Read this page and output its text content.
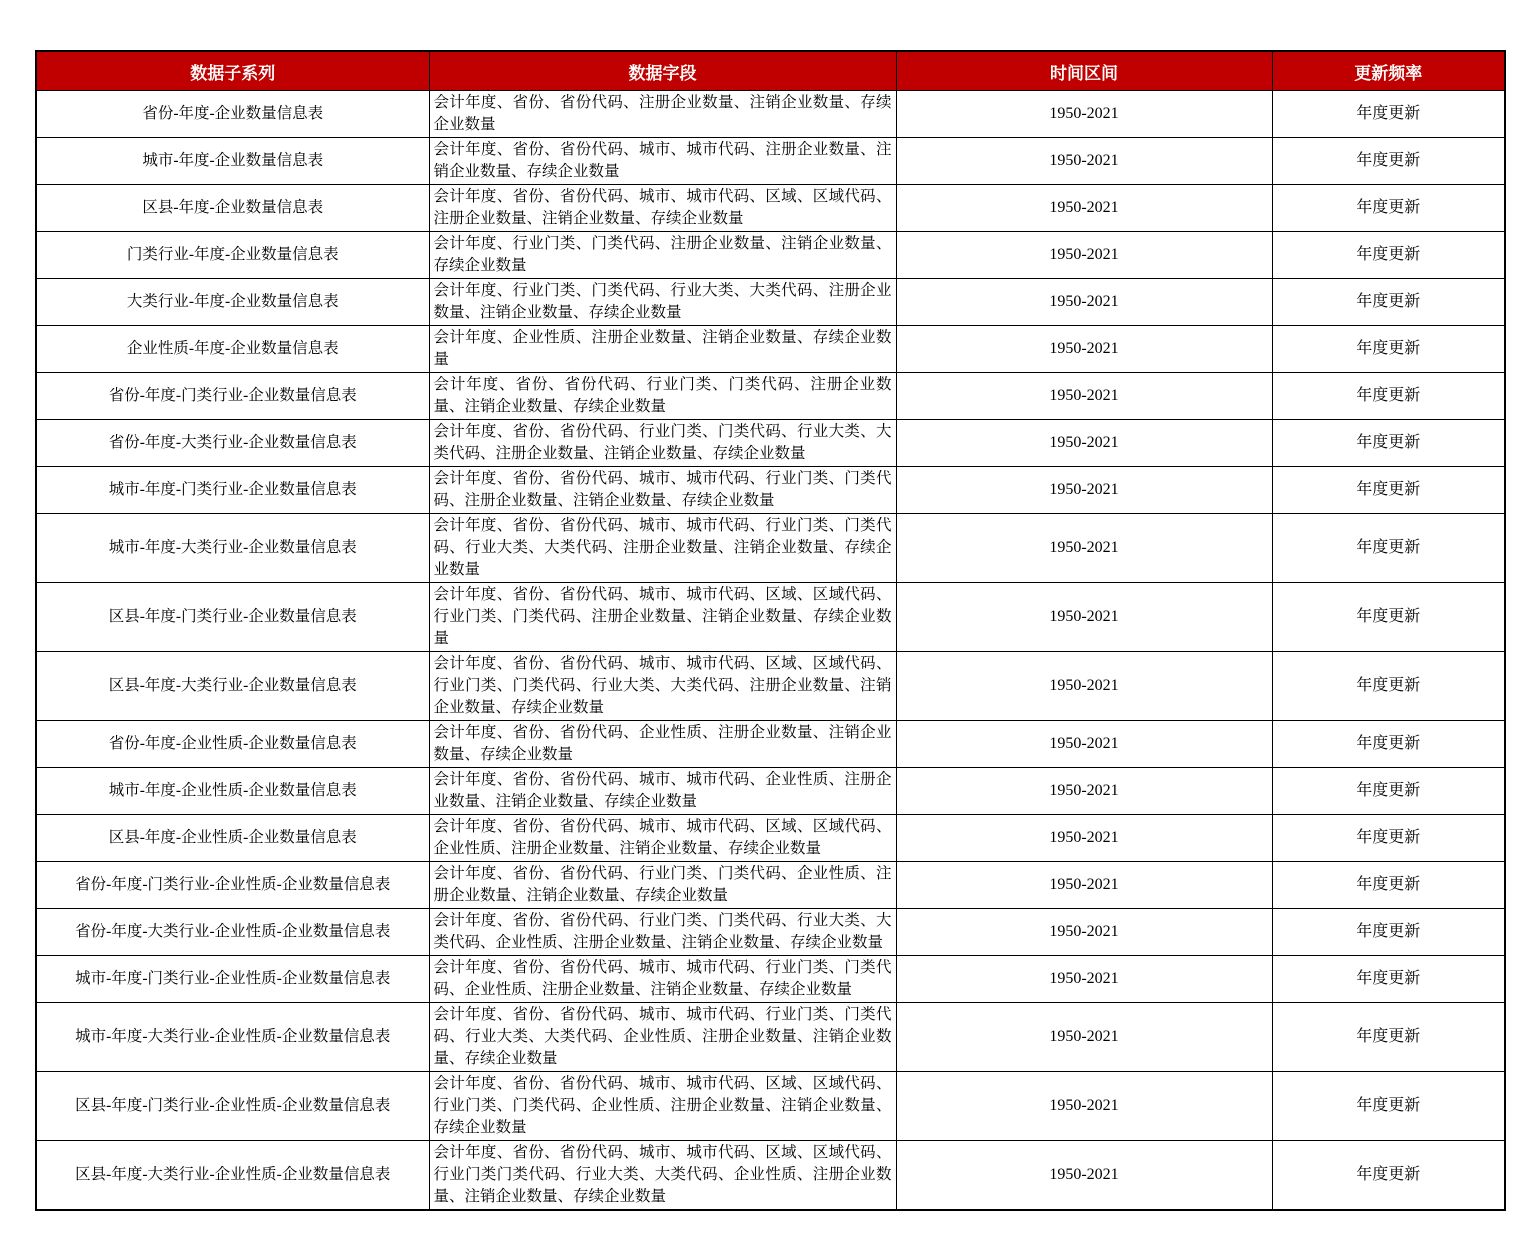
数据子系列	数据字段	时间区间	更新频率
省份-年度-企业数量信息表	会计年度、省份、省份代码、注册企业数量、注销企业数量、存续企业数量	1950-2021	年度更新
城市-年度-企业数量信息表	会计年度、省份、省份代码、城市、城市代码、注册企业数量、注销企业数量、存续企业数量	1950-2021	年度更新
区县-年度-企业数量信息表	会计年度、省份、省份代码、城市、城市代码、区域、区域代码、注册企业数量、注销企业数量、存续企业数量	1950-2021	年度更新
门类行业-年度-企业数量信息表	会计年度、行业门类、门类代码、注册企业数量、注销企业数量、存续企业数量	1950-2021	年度更新
大类行业-年度-企业数量信息表	会计年度、行业门类、门类代码、行业大类、大类代码、注册企业数量、注销企业数量、存续企业数量	1950-2021	年度更新
企业性质-年度-企业数量信息表	会计年度、企业性质、注册企业数量、注销企业数量、存续企业数量	1950-2021	年度更新
省份-年度-门类行业-企业数量信息表	会计年度、省份、省份代码、行业门类、门类代码、注册企业数量、注销企业数量、存续企业数量	1950-2021	年度更新
省份-年度-大类行业-企业数量信息表	会计年度、省份、省份代码、行业门类、门类代码、行业大类、大类代码、注册企业数量、注销企业数量、存续企业数量	1950-2021	年度更新
城市-年度-门类行业-企业数量信息表	会计年度、省份、省份代码、城市、城市代码、行业门类、门类代码、注册企业数量、注销企业数量、存续企业数量	1950-2021	年度更新
城市-年度-大类行业-企业数量信息表	会计年度、省份、省份代码、城市、城市代码、行业门类、门类代码、行业大类、大类代码、注册企业数量、注销企业数量、存续企业数量	1950-2021	年度更新
区县-年度-门类行业-企业数量信息表	会计年度、省份、省份代码、城市、城市代码、区域、区域代码、行业门类、门类代码、注册企业数量、注销企业数量、存续企业数量	1950-2021	年度更新
区县-年度-大类行业-企业数量信息表	会计年度、省份、省份代码、城市、城市代码、区域、区域代码、行业门类、门类代码、行业大类、大类代码、注册企业数量、注销企业数量、存续企业数量	1950-2021	年度更新
省份-年度-企业性质-企业数量信息表	会计年度、省份、省份代码、企业性质、注册企业数量、注销企业数量、存续企业数量	1950-2021	年度更新
城市-年度-企业性质-企业数量信息表	会计年度、省份、省份代码、城市、城市代码、企业性质、注册企业数量、注销企业数量、存续企业数量	1950-2021	年度更新
区县-年度-企业性质-企业数量信息表	会计年度、省份、省份代码、城市、城市代码、区域、区域代码、企业性质、注册企业数量、注销企业数量、存续企业数量	1950-2021	年度更新
省份-年度-门类行业-企业性质-企业数量信息表	会计年度、省份、省份代码、行业门类、门类代码、企业性质、注册企业数量、注销企业数量、存续企业数量	1950-2021	年度更新
省份-年度-大类行业-企业性质-企业数量信息表	会计年度、省份、省份代码、行业门类、门类代码、行业大类、大类代码、企业性质、注册企业数量、注销企业数量、存续企业数量	1950-2021	年度更新
城市-年度-门类行业-企业性质-企业数量信息表	会计年度、省份、省份代码、城市、城市代码、行业门类、门类代码、企业性质、注册企业数量、注销企业数量、存续企业数量	1950-2021	年度更新
城市-年度-大类行业-企业性质-企业数量信息表	会计年度、省份、省份代码、城市、城市代码、行业门类、门类代码、行业大类、大类代码、企业性质、注册企业数量、注销企业数量、存续企业数量	1950-2021	年度更新
区县-年度-门类行业-企业性质-企业数量信息表	会计年度、省份、省份代码、城市、城市代码、区域、区域代码、行业门类、门类代码、企业性质、注册企业数量、注销企业数量、存续企业数量	1950-2021	年度更新
区县-年度-大类行业-企业性质-企业数量信息表	会计年度、省份、省份代码、城市、城市代码、区域、区域代码、行业门类门类代码、行业大类、大类代码、企业性质、注册企业数量、注销企业数量、存续企业数量	1950-2021	年度更新
